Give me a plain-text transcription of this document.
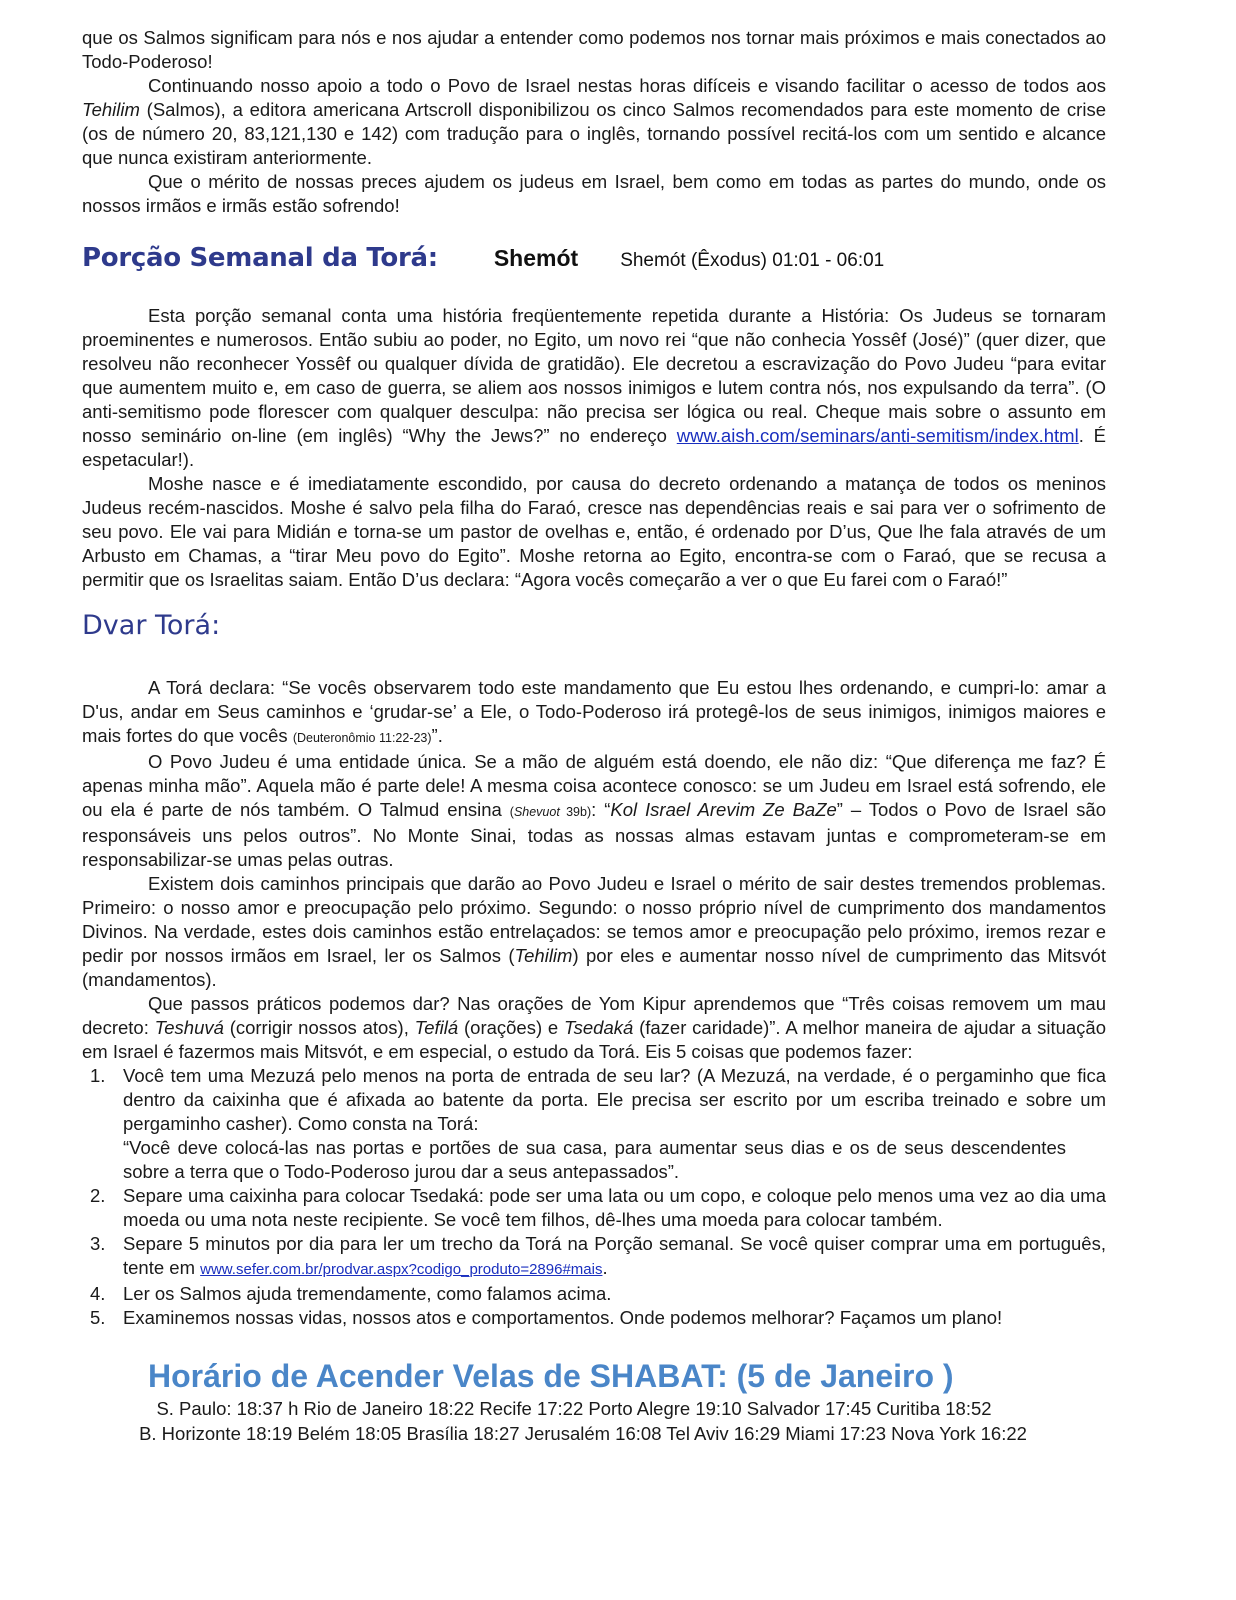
que os Salmos significam para nós e nos ajudar a entender como podemos nos tornar mais próximos e mais conectados ao Todo-Poderoso!

Continuando nosso apoio a todo o Povo de Israel nestas horas difíceis e visando facilitar o acesso de todos aos Tehilim (Salmos), a editora americana Artscroll disponibilizou os cinco Salmos recomendados para este momento de crise (os de número 20, 83,121,130 e 142) com tradução para o inglês, tornando possível recitá-los com um sentido e alcance que nunca existiram anteriormente.

Que o mérito de nossas preces ajudem os judeus em Israel, bem como em todas as partes do mundo, onde os nossos irmãos e irmãs estão sofrendo!

Porção Semanal da Torá: Shemót Shemót (Êxodus) 01:01 - 06:01

Esta porção semanal conta uma história freqüentemente repetida durante a História: Os Judeus se tornaram proeminentes e numerosos. Então subiu ao poder, no Egito, um novo rei “que não conhecia Yossêf (José)” (quer dizer, que resolveu não reconhecer Yossêf ou qualquer dívida de gratidão). Ele decretou a escravização do Povo Judeu “para evitar que aumentem muito e, em caso de guerra, se aliem aos nossos inimigos e lutem contra nós, nos expulsando da terra”. (O anti-semitismo pode florescer com qualquer desculpa: não precisa ser lógica ou real. Cheque mais sobre o assunto em nosso seminário on-line (em inglês) “Why the Jews?” no endereço www.aish.com/seminars/anti-semitism/index.html. É espetacular!).

Moshe nasce e é imediatamente escondido, por causa do decreto ordenando a matança de todos os meninos Judeus recém-nascidos. Moshe é salvo pela filha do Faraó, cresce nas dependências reais e sai para ver o sofrimento de seu povo. Ele vai para Midián e torna-se um pastor de ovelhas e, então, é ordenado por D’us, Que lhe fala através de um Arbusto em Chamas, a “tirar Meu povo do Egito”. Moshe retorna ao Egito, encontra-se com o Faraó, que se recusa a permitir que os Israelitas saiam. Então D’us declara: “Agora vocês começarão a ver o que Eu farei com o Faraó!”

Dvar Torá:

A Torá declara: “Se vocês observarem todo este mandamento que Eu estou lhes ordenando, e cumpri-lo: amar a D'us, andar em Seus caminhos e ‘grudar-se’ a Ele, o Todo-Poderoso irá protegê-los de seus inimigos, inimigos maiores e mais fortes do que vocês (Deuteronômio 11:22-23)”.

O Povo Judeu é uma entidade única. Se a mão de alguém está doendo, ele não diz: “Que diferença me faz? É apenas minha mão”. Aquela mão é parte dele! A mesma coisa acontece conosco: se um Judeu em Israel está sofrendo, ele ou ela é parte de nós também. O Talmud ensina (Shevuot 39b): “Kol Israel Arevim Ze BaZe” – Todos o Povo de Israel são responsáveis uns pelos outros”. No Monte Sinai, todas as nossas almas estavam juntas e comprometeram-se em responsabilizar-se umas pelas outras.

Existem dois caminhos principais que darão ao Povo Judeu e Israel o mérito de sair destes tremendos problemas. Primeiro: o nosso amor e preocupação pelo próximo. Segundo: o nosso próprio nível de cumprimento dos mandamentos Divinos. Na verdade, estes dois caminhos estão entrelaçados: se temos amor e preocupação pelo próximo, iremos rezar e pedir por nossos irmãos em Israel, ler os Salmos (Tehilim) por eles e aumentar nosso nível de cumprimento das Mitsvót (mandamentos).

Que passos práticos podemos dar? Nas orações de Yom Kipur aprendemos que “Três coisas removem um mau decreto: Teshuvá (corrigir nossos atos), Tefilá (orações) e Tsedaká (fazer caridade)”. A melhor maneira de ajudar a situação em Israel é fazermos mais Mitsvót, e em especial, o estudo da Torá. Eis 5 coisas que podemos fazer:

1. Você tem uma Mezuzá pelo menos na porta de entrada de seu lar? (A Mezuzá, na verdade, é o pergaminho que fica dentro da caixinha que é afixada ao batente da porta. Ele precisa ser escrito por um escriba treinado e sobre um pergaminho casher). Como consta na Torá:
“Você deve colocá-las nas portas e portões de sua casa, para aumentar seus dias e os de seus descendentes sobre a terra que o Todo-Poderoso jurou dar a seus antepassados”.
2. Separe uma caixinha para colocar Tsedaká: pode ser uma lata ou um copo, e coloque pelo menos uma vez ao dia uma moeda ou uma nota neste recipiente. Se você tem filhos, dê-lhes uma moeda para colocar também.
3. Separe 5 minutos por dia para ler um trecho da Torá na Porção semanal. Se você quiser comprar uma em português, tente em www.sefer.com.br/prodvar.aspx?codigo_produto=2896#mais.
4. Ler os Salmos ajuda tremendamente, como falamos acima.
5. Examinemos nossas vidas, nossos atos e comportamentos. Onde podemos melhorar? Façamos um plano!
Horário de Acender Velas de SHABAT: (5 de Janeiro )
S. Paulo: 18:37 h Rio de Janeiro 18:22 Recife 17:22 Porto Alegre 19:10 Salvador 17:45 Curitiba 18:52
B. Horizonte 18:19 Belém 18:05 Brasília 18:27 Jerusalém 16:08 Tel Aviv 16:29 Miami 17:23 Nova York 16:22
